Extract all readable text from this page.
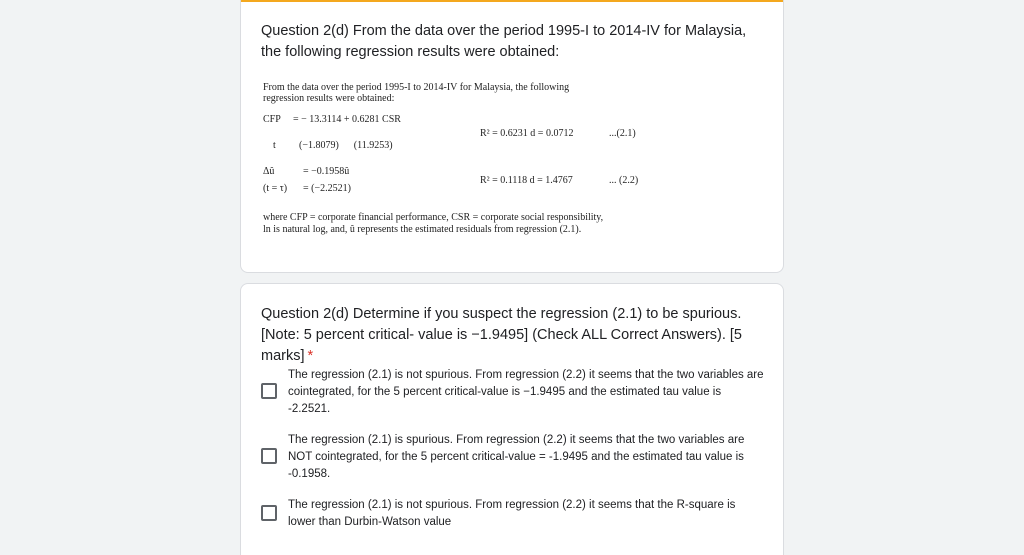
Question 2(d) From the data over the period 1995-I to 2014-IV for Malaysia, the following regression results were obtained:
From the data over the period 1995-I to 2014-IV for Malaysia, the following
regression results were obtained:
CFP = − 13.3114 + 0.6281 CSR
R² = 0.6231 d = 0.0712	...(2.1)
t (−1.8079)      (11.9253)
Δû	= −0.1958û
R² = 0.1118 d = 1.4767	... (2.2)
(t = τ) = (−2.2521)
where CFP = corporate financial performance, CSR = corporate social responsibility,
ln is natural log, and, û represents the estimated residuals from regression (2.1).
Question 2(d) Determine if you suspect the regression (2.1) to be spurious. [Note: 5 percent critical- value is −1.9495] (Check ALL Correct Answers). [5 marks] *
The regression (2.1) is not spurious. From regression (2.2) it seems that the two variables are cointegrated, for the 5 percent critical-value is −1.9495 and the estimated tau value is -2.2521.
The regression (2.1) is spurious. From regression (2.2) it seems that the two variables are NOT cointegrated, for the 5 percent critical-value = -1.9495 and the estimated tau value is -0.1958.
The regression (2.1) is not spurious. From regression (2.2) it seems that the R-square is lower than Durbin-Watson value
